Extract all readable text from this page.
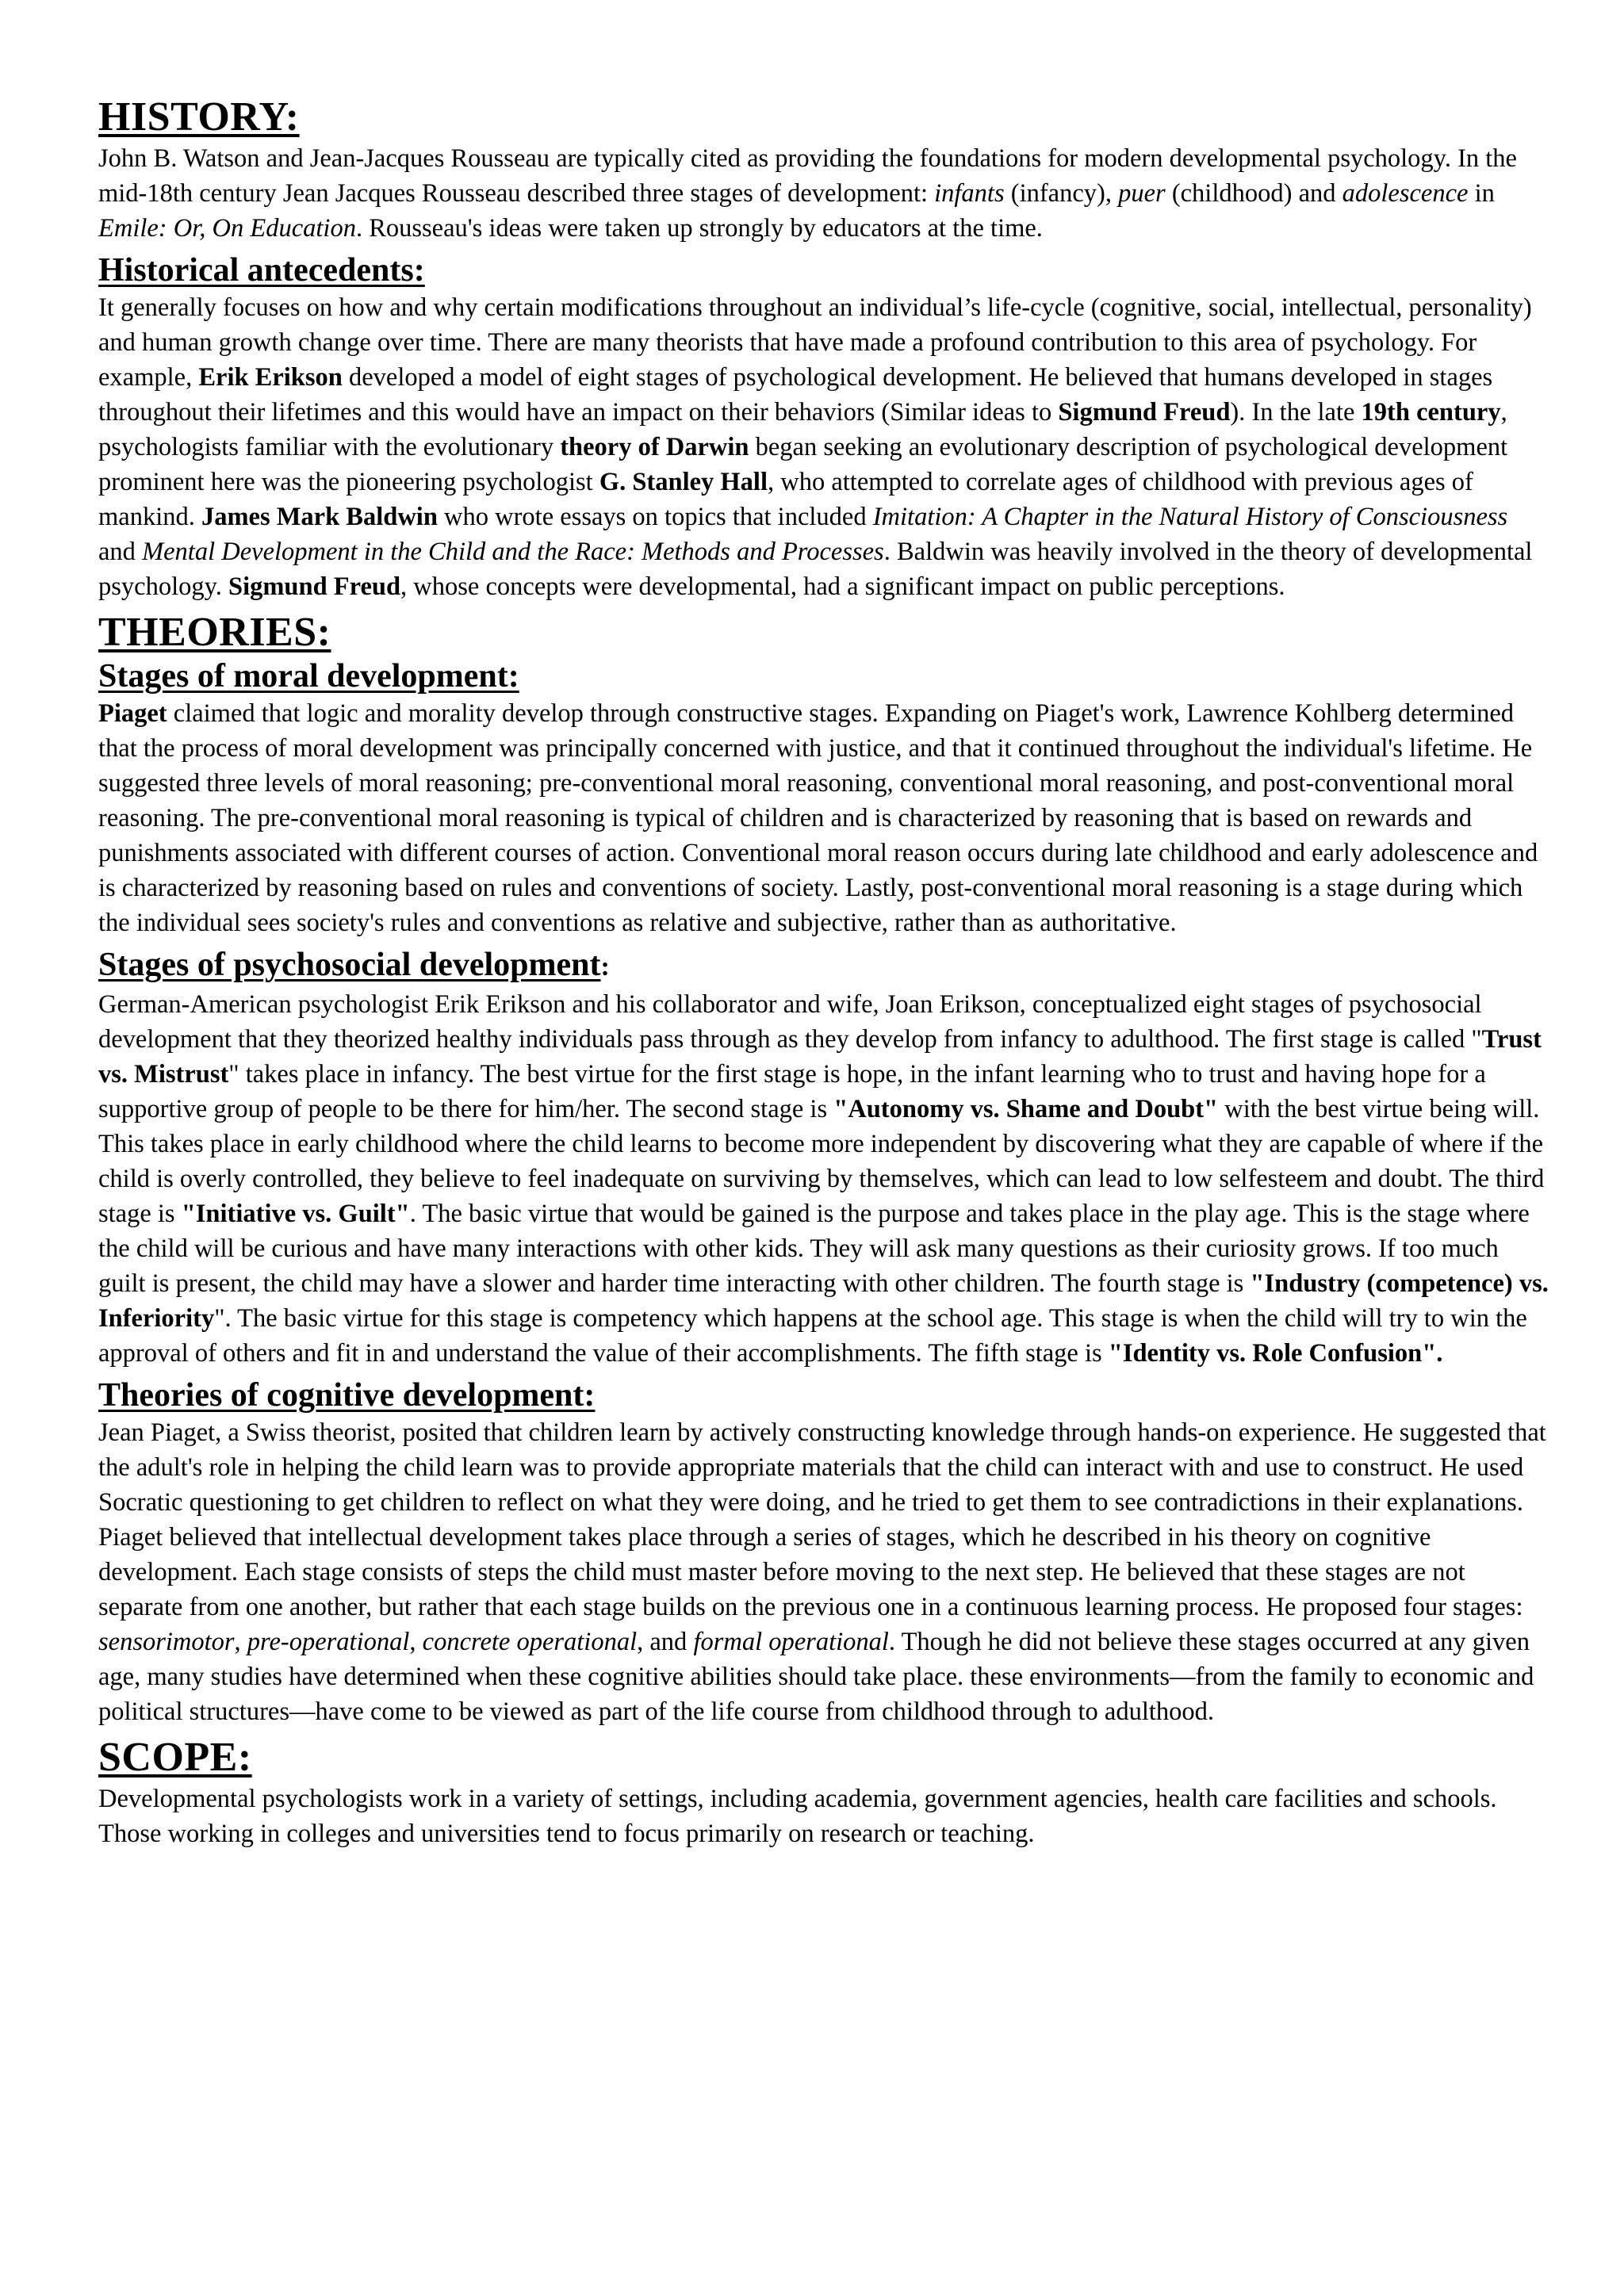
HISTORY:

John B. Watson and Jean-Jacques Rousseau are typically cited as providing the foundations for modern developmental psychology. In the mid-18th century Jean Jacques Rousseau described three stages of development: infants (infancy), puer (childhood) and adolescence in Emile: Or, On Education. Rousseau's ideas were taken up strongly by educators at the time.

Historical antecedents:

It generally focuses on how and why certain modifications throughout an individual’s life-cycle (cognitive, social, intellectual, personality) and human growth change over time. There are many theorists that have made a profound contribution to this area of psychology. For example, Erik Erikson developed a model of eight stages of psychological development. He believed that humans developed in stages throughout their lifetimes and this would have an impact on their behaviors (Similar ideas to Sigmund Freud). In the late 19th century, psychologists familiar with the evolutionary theory of Darwin began seeking an evolutionary description of psychological development prominent here was the pioneering psychologist G. Stanley Hall, who attempted to correlate ages of childhood with previous ages of mankind. James Mark Baldwin who wrote essays on topics that included Imitation: A Chapter in the Natural History of Consciousness and Mental Development in the Child and the Race: Methods and Processes. Baldwin was heavily involved in the theory of developmental psychology. Sigmund Freud, whose concepts were developmental, had a significant impact on public perceptions.

THEORIES:
Stages of moral development:

Piaget claimed that logic and morality develop through constructive stages. Expanding on Piaget's work, Lawrence Kohlberg determined that the process of moral development was principally concerned with justice, and that it continued throughout the individual's lifetime. He suggested three levels of moral reasoning; pre-conventional moral reasoning, conventional moral reasoning, and post-conventional moral reasoning. The pre-conventional moral reasoning is typical of children and is characterized by reasoning that is based on rewards and punishments associated with different courses of action. Conventional moral reason occurs during late childhood and early adolescence and is characterized by reasoning based on rules and conventions of society. Lastly, post-conventional moral reasoning is a stage during which the individual sees society's rules and conventions as relative and subjective, rather than as authoritative.

Stages of psychosocial development:

German-American psychologist Erik Erikson and his collaborator and wife, Joan Erikson, conceptualized eight stages of psychosocial development that they theorized healthy individuals pass through as they develop from infancy to adulthood. The first stage is called "Trust vs. Mistrust" takes place in infancy. The best virtue for the first stage is hope, in the infant learning who to trust and having hope for a supportive group of people to be there for him/her. The second stage is "Autonomy vs. Shame and Doubt" with the best virtue being will. This takes place in early childhood where the child learns to become more independent by discovering what they are capable of where if the child is overly controlled, they believe to feel inadequate on surviving by themselves, which can lead to low selfesteem and doubt. The third stage is "Initiative vs. Guilt". The basic virtue that would be gained is the purpose and takes place in the play age. This is the stage where the child will be curious and have many interactions with other kids. They will ask many questions as their curiosity grows. If too much guilt is present, the child may have a slower and harder time interacting with other children. The fourth stage is "Industry (competence) vs. Inferiority". The basic virtue for this stage is competency which happens at the school age. This stage is when the child will try to win the approval of others and fit in and understand the value of their accomplishments. The fifth stage is "Identity vs. Role Confusion".

Theories of cognitive development:

Jean Piaget, a Swiss theorist, posited that children learn by actively constructing knowledge through hands-on experience. He suggested that the adult's role in helping the child learn was to provide appropriate materials that the child can interact with and use to construct. He used Socratic questioning to get children to reflect on what they were doing, and he tried to get them to see contradictions in their explanations. Piaget believed that intellectual development takes place through a series of stages, which he described in his theory on cognitive development. Each stage consists of steps the child must master before moving to the next step. He believed that these stages are not separate from one another, but rather that each stage builds on the previous one in a continuous learning process. He proposed four stages: sensorimotor, pre-operational, concrete operational, and formal operational. Though he did not believe these stages occurred at any given age, many studies have determined when these cognitive abilities should take place. these environments—from the family to economic and political structures—have come to be viewed as part of the life course from childhood through to adulthood.

SCOPE:

Developmental psychologists work in a variety of settings, including academia, government agencies, health care facilities and schools. Those working in colleges and universities tend to focus primarily on research or teaching.
